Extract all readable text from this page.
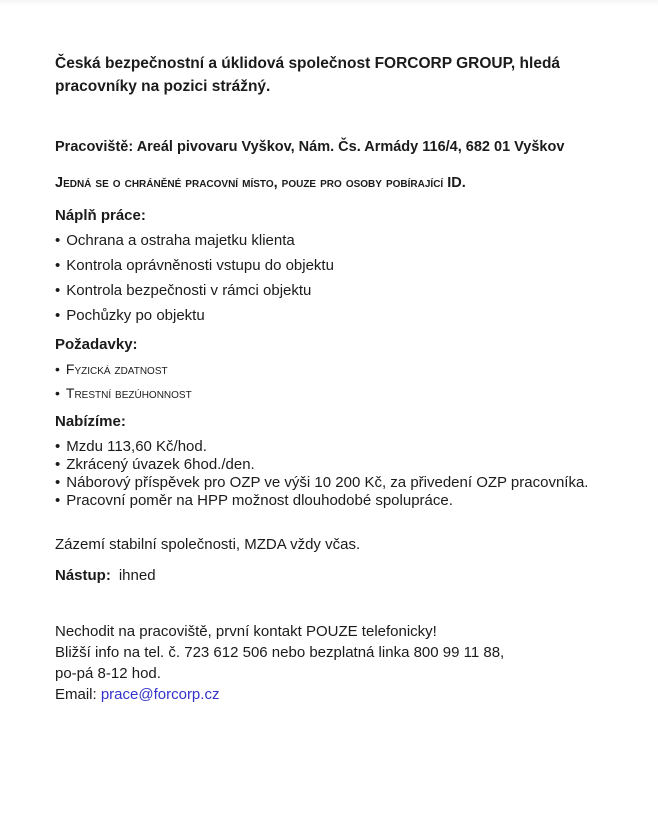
Česká bezpečnostní a úklidová společnost FORCORP GROUP, hledá pracovníky na pozici strážný.

Pracoviště: Areál pivovaru Vyškov, Nám. Čs. Armády 116/4, 682 01 Vyškov

Jedná se o chráněné pracovní místo, pouze pro osoby pobírající ID.

Náplň práce:

• Ochrana a ostraha majetku klienta

• Kontrola oprávněnosti vstupu do objektu

• Kontrola bezpečnosti v rámci objektu

• Pochůzky po objektu

Požadavky:

• Fyzická zdatnost

• Trestní bezúhonnost

Nabízíme:

• Mzdu 113,60 Kč/hod.

• Zkrácený úvazek 6hod./den.

• Náborový příspěvek pro OZP ve výši 10 200 Kč, za přivedení OZP pracovníka.

• Pracovní poměr na HPP možnost dlouhodobé spolupráce.

Zázemí stabilní společnosti, MZDA vždy včas.

Nástup: ihned

Nechodit na pracoviště, první kontakt POUZE telefonicky!

Bližší info na tel. č. 723 612 506 nebo bezplatná linka 800 99 11 88,

po-pá 8-12 hod.

Email: prace@forcorp.cz
